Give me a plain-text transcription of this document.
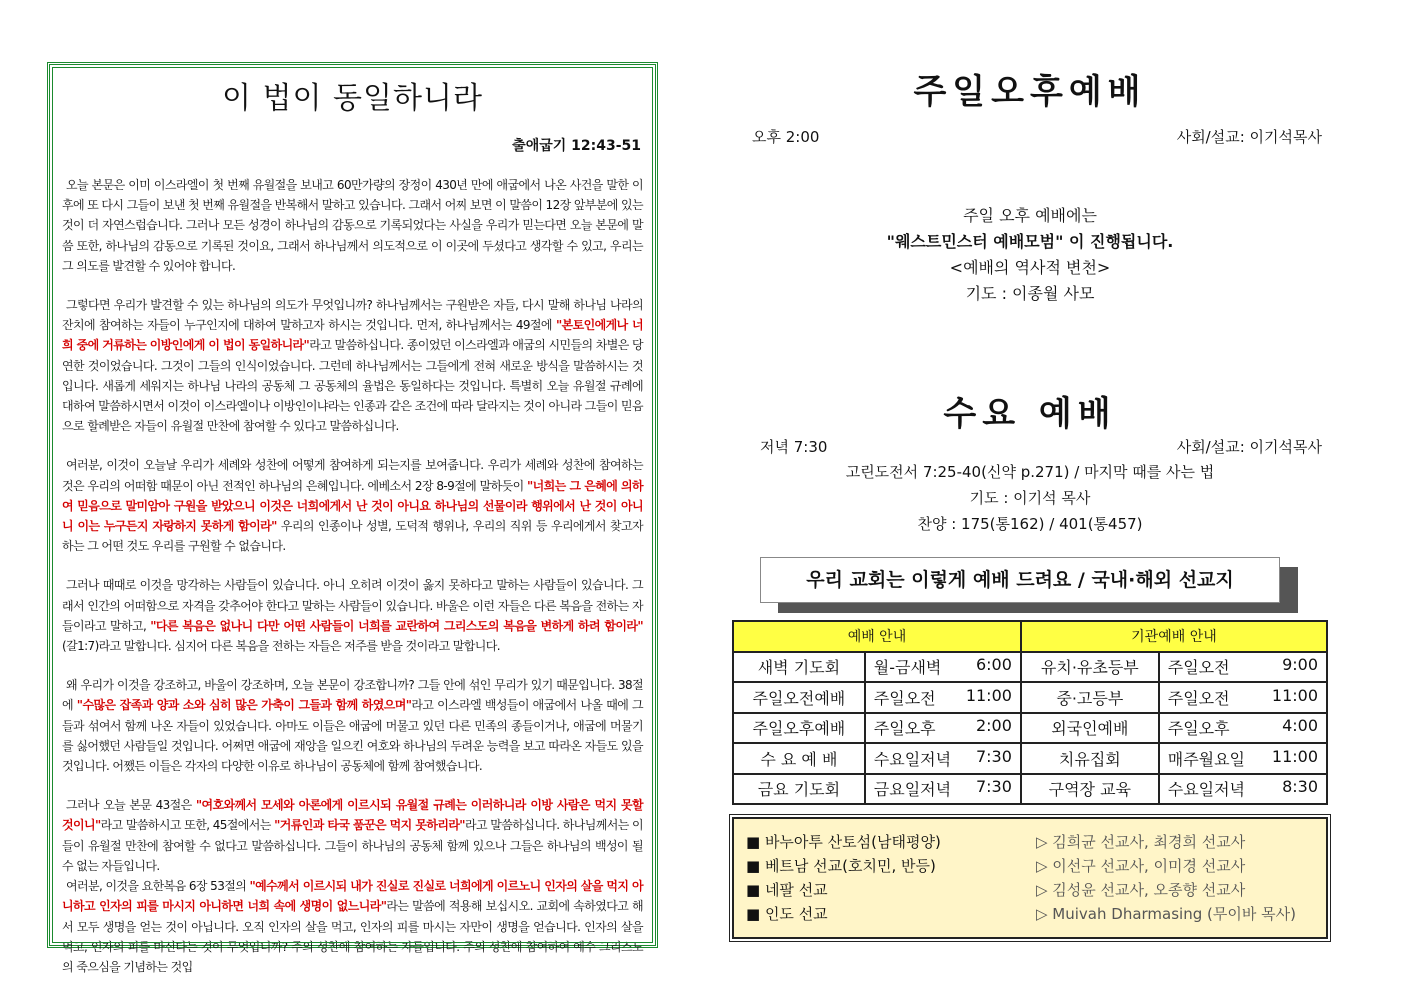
이 법이 동일하니라
출애굽기 12:43-51

오늘 본문은 이미 이스라엘이 첫 번째 유월절을 보내고 60만가량의 장정이 430년 만에 애굽에서 나온 사건을 말한 이후에 또 다시 그들이 보낸 첫 번째 유월절을 반복해서 말하고 있습니다. 그래서 어찌 보면 이 말씀이 12장 앞부분에 있는 것이 더 자연스럽습니다. 그러나 모든 성경이 하나님의 감동으로 기록되었다는 사실을 우리가 믿는다면 오늘 본문에 말씀 또한, 하나님의 감동으로 기록된 것이요, 그래서 하나님께서 의도적으로 이 이곳에 두셨다고 생각할 수 있고, 우리는 그 의도를 발견할 수 있어야 합니다.

그렇다면 우리가 발견할 수 있는 하나님의 의도가 무엇입니까? 하나님께서는 구원받은 자들, 다시 말해 하나님 나라의 잔치에 참여하는 자들이 누구인지에 대하여 말하고자 하시는 것입니다. 먼저, 하나님께서는 49절에 "본토인에게나 너희 중에 거류하는 이방인에게 이 법이 동일하니라"라고 말씀하십니다. 종이었던 이스라엘과 애굽의 시민들의 차별은 당연한 것이었습니다. 그것이 그들의 인식이었습니다. 그런데 하나님께서는 그들에게 전혀 새로운 방식을 말씀하시는 것입니다. 새롭게 세워지는 하나님 나라의 공동체 그 공동체의 율법은 동일하다는 것입니다. 특별히 오늘 유월절 규례에 대하여 말씀하시면서 이것이 이스라엘이나 이방인이냐라는 인종과 같은 조건에 따라 달라지는 것이 아니라 그들이 믿음으로 할례받은 자들이 유월절 만찬에 참여할 수 있다고 말씀하십니다.

여러분, 이것이 오늘날 우리가 세례와 성찬에 어떻게 참여하게 되는지를 보여줍니다. 우리가 세례와 성찬에 참여하는 것은 우리의 어떠함 때문이 아닌 전적인 하나님의 은혜입니다. 에베소서 2장 8-9절에 말하듯이 "너희는 그 은혜에 의하여 믿음으로 말미암아 구원을 받았으니 이것은 너희에게서 난 것이 아니요 하나님의 선물이라 행위에서 난 것이 아니니 이는 누구든지 자랑하지 못하게 함이라" 우리의 인종이나 성별, 도덕적 행위나, 우리의 직위 등 우리에게서 찾고자 하는 그 어떤 것도 우리를 구원할 수 없습니다.

그러나 때때로 이것을 망각하는 사람들이 있습니다. 아니 오히려 이것이 옳지 못하다고 말하는 사람들이 있습니다. 그래서 인간의 어떠함으로 자격을 갖추어야 한다고 말하는 사람들이 있습니다. 바울은 이런 자들은 다른 복음을 전하는 자들이라고 말하고, "다른 복음은 없나니 다만 어떤 사람들이 너희를 교란하여 그리스도의 복음을 변하게 하려 함이라"(갈1:7)라고 말합니다. 심지어 다른 복음을 전하는 자들은 저주를 받을 것이라고 말합니다.

왜 우리가 이것을 강조하고, 바울이 강조하며, 오늘 본문이 강조합니까? 그들 안에 섞인 무리가 있기 때문입니다. 38절에 "수많은 잡족과 양과 소와 심히 많은 가축이 그들과 함께 하였으며"라고 이스라엘 백성들이 애굽에서 나올 때에 그들과 섞여서 함께 나온 자들이 있었습니다. 아마도 이들은 애굽에 머물고 있던 다른 민족의 종들이거나, 애굽에 머물기를 싫어했던 사람들일 것입니다. 어쩌면 애굽에 재앙을 일으킨 여호와 하나님의 두려운 능력을 보고 따라온 자들도 있을 것입니다. 어쨌든 이들은 각자의 다양한 이유로 하나님이 공동체에 함께 참여했습니다.

그러나 오늘 본문 43절은 "여호와께서 모세와 아론에게 이르시되 유월절 규례는 이러하니라 이방 사람은 먹지 못할 것이니"라고 말씀하시고 또한, 45절에서는 "거류인과 타국 품꾼은 먹지 못하리라"라고 말씀하십니다. 하나님께서는 이들이 유월절 만찬에 참여할 수 없다고 말씀하십니다. 그들이 하나님의 공동체 함께 있으나 그들은 하나님의 백성이 될 수 없는 자들입니다.

여러분, 이것을 요한복음 6장 53절의 "예수께서 이르시되 내가 진실로 진실로 너희에게 이르노니 인자의 살을 먹지 아니하고 인자의 피를 마시지 아니하면 너희 속에 생명이 없느니라"라는 말씀에 적용해 보십시오. 교회에 속하였다고 해서 모두 생명을 얻는 것이 아닙니다. 오직 인자의 살을 먹고, 인자의 피를 마시는 자만이 생명을 얻습니다. 인자의 살을 먹고, 인자의 피를 마신다는 것이 무엇입니까? 주의 성찬에 참여하는 자들입니다. 주의 성찬에 참여하여 예수 그리스도의 죽으심을 기념하는 것입

주일오후예배
오후 2:00	사회/설교: 이기석목사
주일 오후 예배에는
"웨스트민스터 예배모범" 이 진행됩니다.
<예배의 역사적 변천>
기도 : 이종월 사모
수요 예배
저녁 7:30	사회/설교: 이기석목사
고린도전서 7:25-40(신약 p.271) / 마지막 때를 사는 법
기도 : 이기석 목사
찬양 : 175(통162) / 401(통457)
우리 교회는 이렇게 예배 드려요 / 국내·해외 선교지
예배 안내		기관예배 안내	
새벽 기도회	월-금새벽 6:00	유치·유초등부	주일오전 9:00

주일오전예배	주일오전 11:00	중·고등부	주일오전 11:00

주일오후예배	주일오후 2:00	외국인예배	주일오후 4:00

수 요 예 배	수요일저녁 7:30	치유집회	매주월요일 11:00

금요 기도회	금요일저녁 7:30	구역장 교육	수요일저녁 8:30
■ 바누아투 산토섬(남태평양)	▷ 김희균 선교사, 최경희 선교사
■ 베트남 선교(호치민, 반등)	▷ 이선구 선교사, 이미경 선교사
■ 네팔 선교	▷ 김성윤 선교사, 오종향 선교사
■ 인도 선교	▷ Muivah Dharmasing (무이바 목사)
